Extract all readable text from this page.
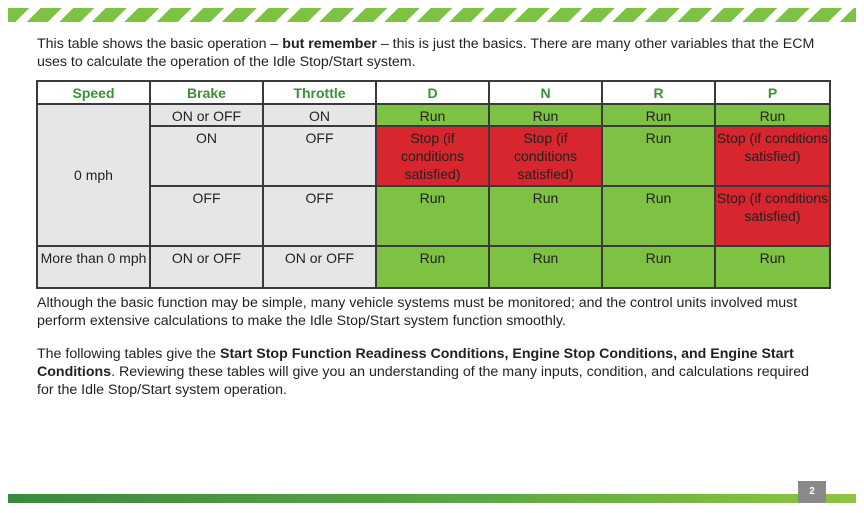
This table shows the basic operation – but remember – this is just the basics. There are many other variables that the ECM uses to calculate the operation of the Idle Stop/Start system.

Speed	Brake	Throttle	D	N	R	P
0 mph	ON or OFF	ON	Run	Run	Run	Run
	ON	OFF	Stop (if conditions satisfied)	Stop (if conditions satisfied)	Run	Stop (if conditions satisfied)
	OFF	OFF	Run	Run	Run	Stop (if conditions satisfied)
More than 0 mph	ON or OFF	ON or OFF	Run	Run	Run	Run

Although the basic function may be simple, many vehicle systems must be monitored; and the control units involved must perform extensive calculations to make the Idle Stop/Start system function smoothly.

The following tables give the Start Stop Function Readiness Conditions, Engine Stop Conditions, and Engine Start Conditions. Reviewing these tables will give you an understanding of the many inputs, condition, and calculations required for the Idle Stop/Start system operation.

2
